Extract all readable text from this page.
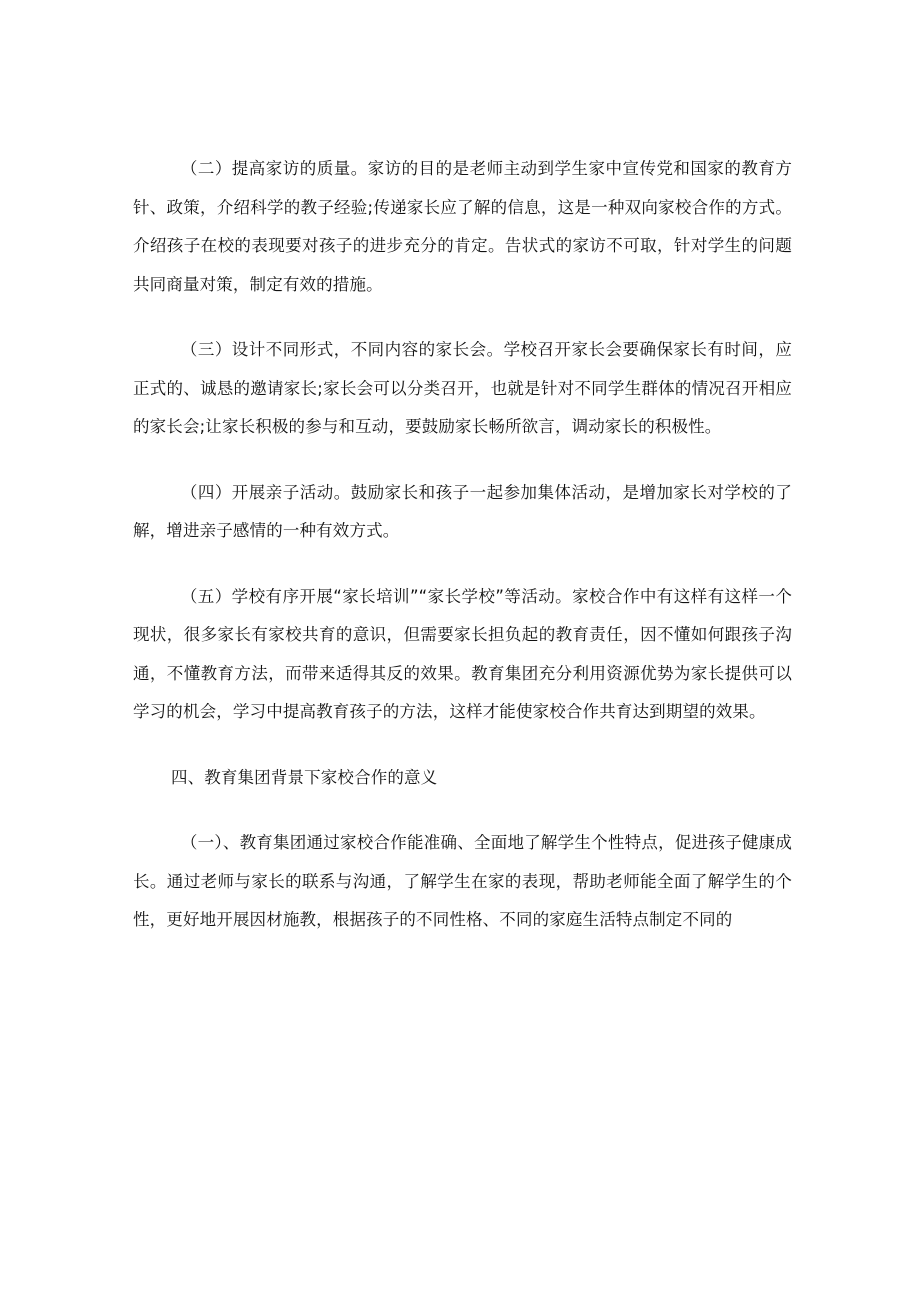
（二）提高家访的质量。家访的目的是老师主动到学生家中宣传党和国家的教育方针、政策，介绍科学的教子经验;传递家长应了解的信息，这是一种双向家校合作的方式。介绍孩子在校的表现要对孩子的进步充分的肯定。告状式的家访不可取，针对学生的问题共同商量对策，制定有效的措施。

（三）设计不同形式，不同内容的家长会。学校召开家长会要确保家长有时间，应正式的、诚恳的邀请家长;家长会可以分类召开，也就是针对不同学生群体的情况召开相应的家长会;让家长积极的参与和互动，要鼓励家长畅所欲言，调动家长的积极性。

（四）开展亲子活动。鼓励家长和孩子一起参加集体活动，是增加家长对学校的了解，增进亲子感情的一种有效方式。

（五）学校有序开展“家长培训”“家长学校”等活动。家校合作中有这样有这样一个现状，很多家长有家校共育的意识，但需要家长担负起的教育责任，因不懂如何跟孩子沟通，不懂教育方法，而带来适得其反的效果。教育集团充分利用资源优势为家长提供可以学习的机会，学习中提高教育孩子的方法，这样才能使家校合作共育达到期望的效果。

四、教育集团背景下家校合作的意义

（一）、教育集团通过家校合作能准确、全面地了解学生个性特点，促进孩子健康成长。通过老师与家长的联系与沟通，了解学生在家的表现，帮助老师能全面了解学生的个性，更好地开展因材施教，根据孩子的不同性格、不同的家庭生活特点制定不同的
